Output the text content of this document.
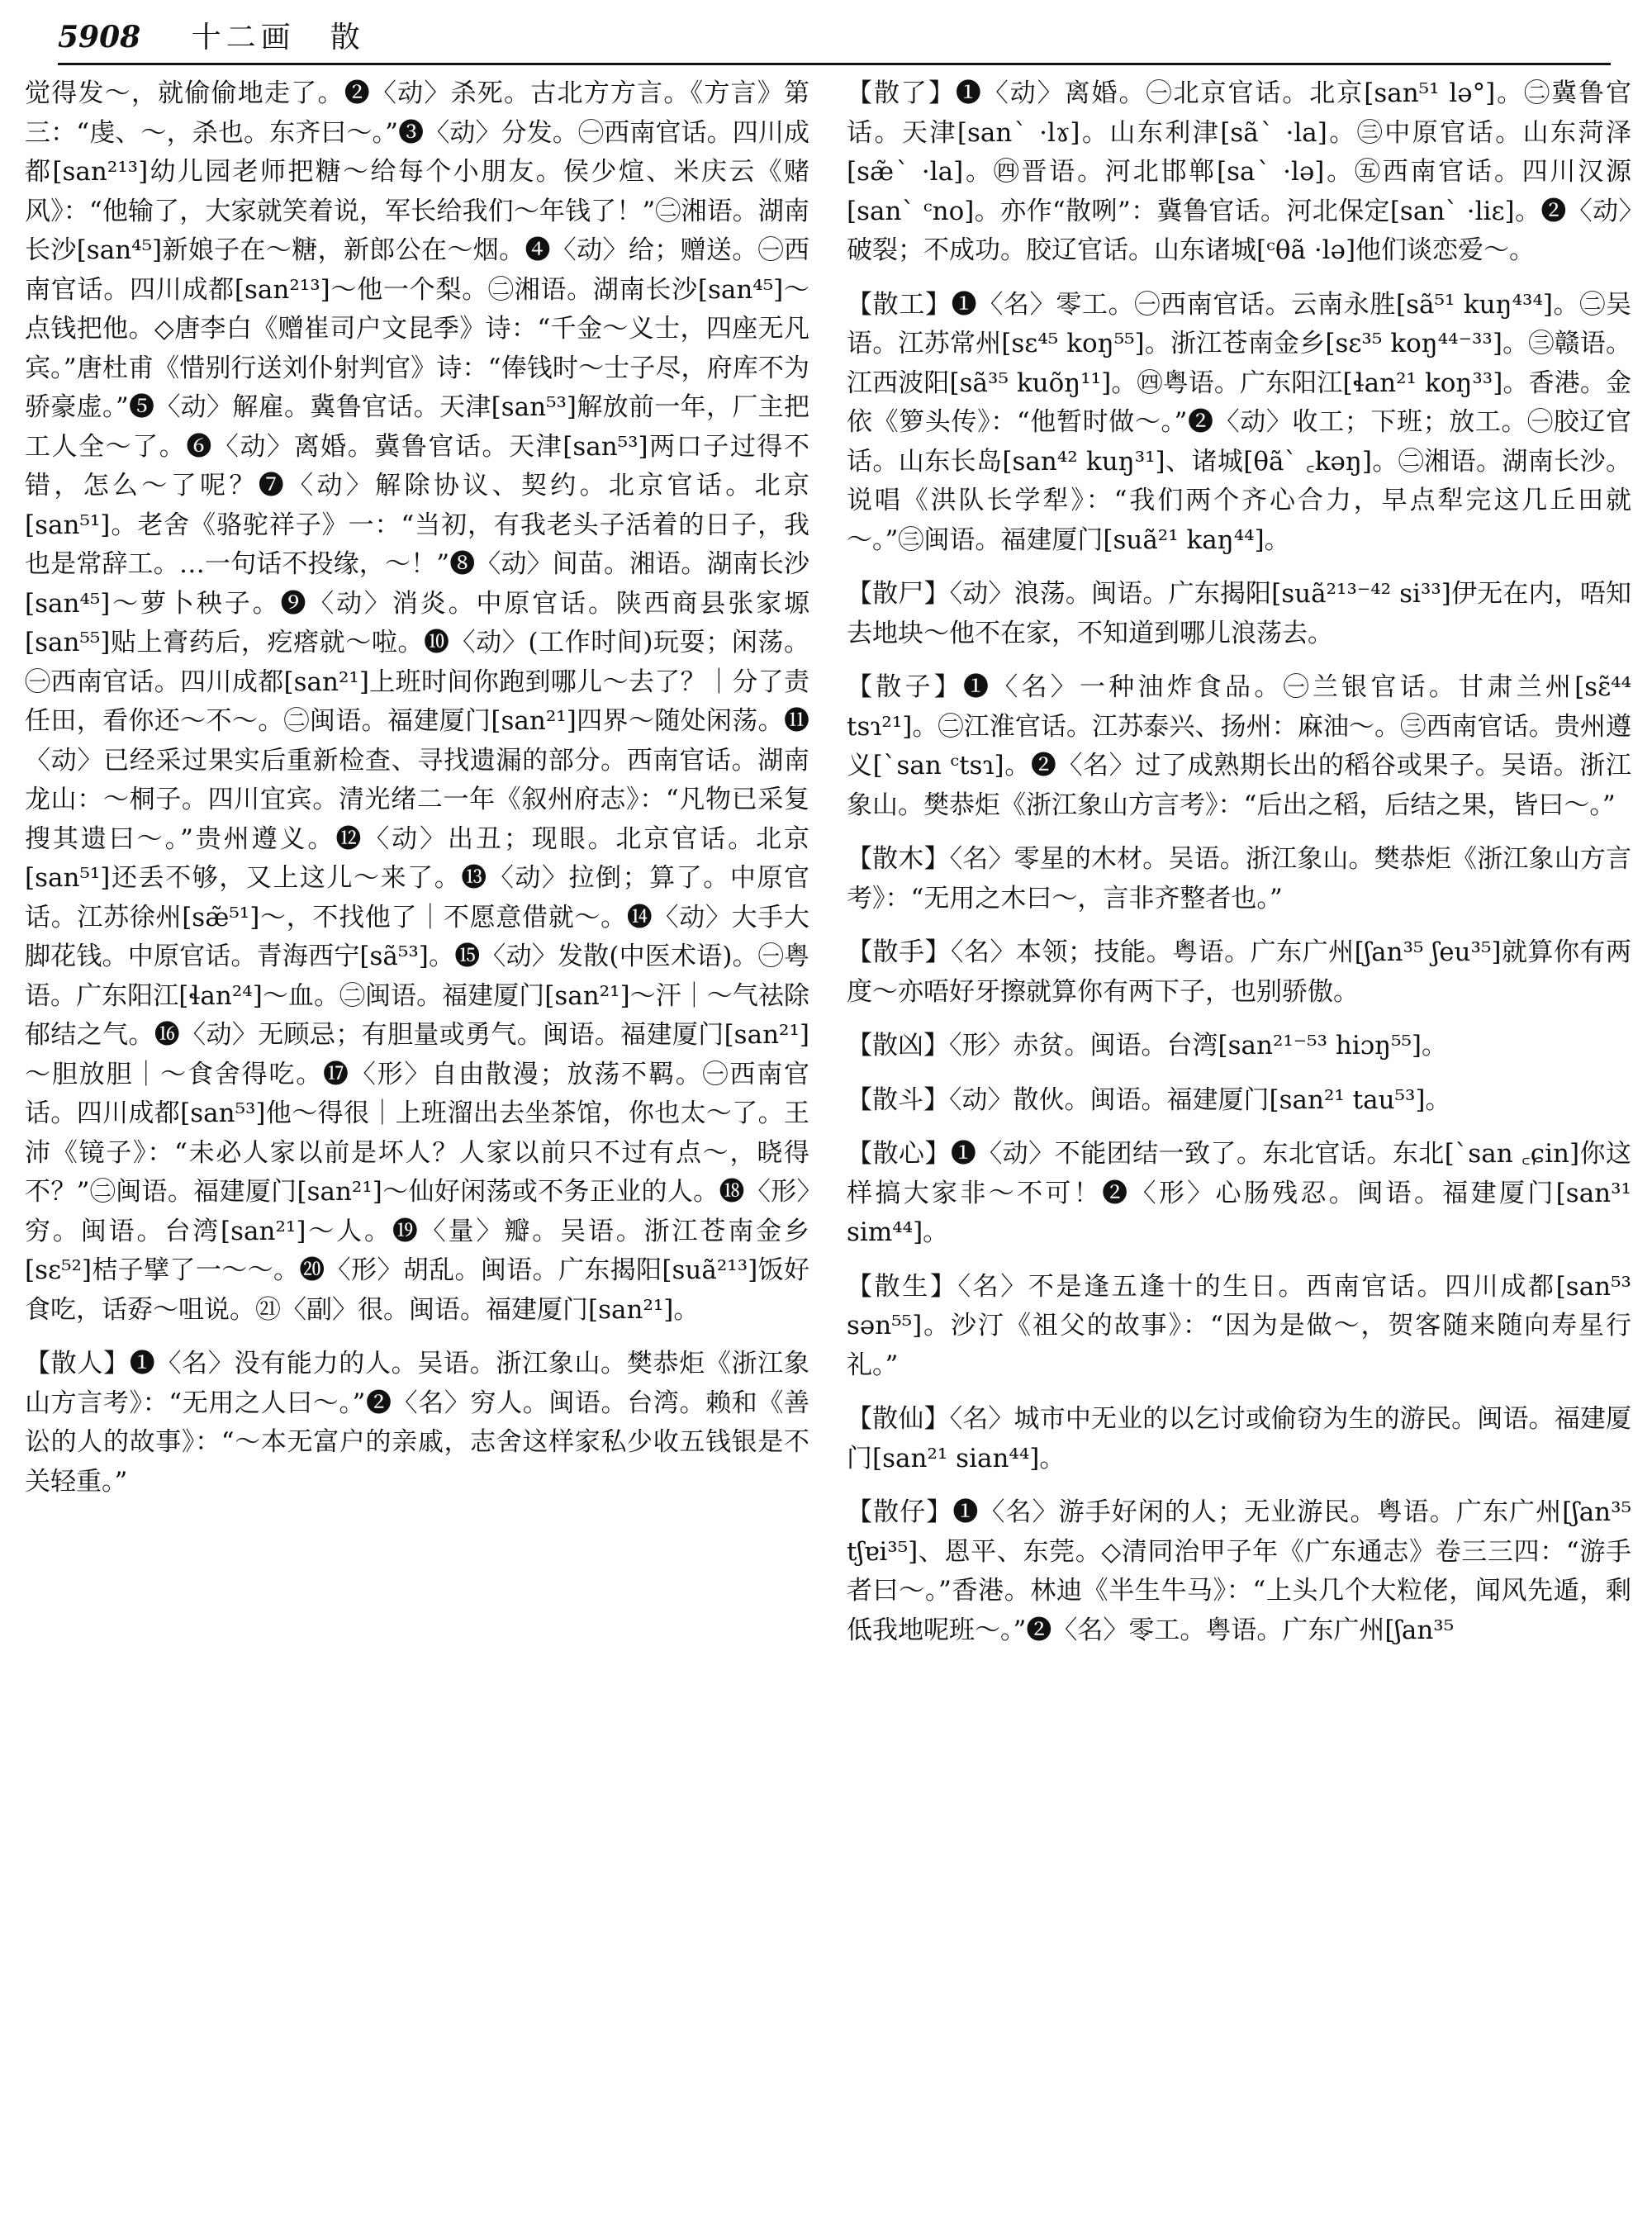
5908 十二画　散

觉得发～，就偷偷地走了。❷〈动〉杀死。古北方方言。《方言》第三：“虔、～，杀也。东齐曰～。”❸〈动〉分发。㊀西南官话。四川成都[san²¹³]幼儿园老师把糖～给每个小朋友。侯少煊、米庆云《赌风》：“他输了，大家就笑着说，军长给我们～年钱了！”㊁湘语。湖南长沙[san⁴⁵]新娘子在～糖，新郎公在～烟。❹〈动〉给；赠送。㊀西南官话。四川成都[san²¹³]～他一个梨。㊁湘语。湖南长沙[san⁴⁵]～点钱把他。◇唐李白《赠崔司户文昆季》诗：“千金～义士，四座无凡宾。”唐杜甫《惜别行送刘仆射判官》诗：“俸钱时～士子尽，府库不为骄豪虚。”❺〈动〉解雇。冀鲁官话。天津[san⁵³]解放前一年，厂主把工人全～了。❻〈动〉离婚。冀鲁官话。天津[san⁵³]两口子过得不错，怎么～了呢？❼〈动〉解除协议、契约。北京官话。北京[san⁵¹]。老舍《骆驼祥子》一：“当初，有我老头子活着的日子，我也是常辞工。…一句话不投缘，～！”❽〈动〉间苗。湘语。湖南长沙[san⁴⁵]～萝卜秧子。❾〈动〉消炎。中原官话。陕西商县张家塬[san⁵⁵]贴上膏药后，疙瘩就～啦。❿〈动〉(工作时间)玩耍；闲荡。㊀西南官话。四川成都[san²¹]上班时间你跑到哪儿～去了？｜分了责任田，看你还～不～。㊁闽语。福建厦门[san²¹]四界～随处闲荡。⓫〈动〉已经采过果实后重新检查、寻找遗漏的部分。西南官话。湖南龙山：～桐子。四川宜宾。清光绪二一年《叙州府志》：“凡物已采复搜其遗曰～。”贵州遵义。⓬〈动〉出丑；现眼。北京官话。北京[san⁵¹]还丢不够，又上这儿～来了。⓭〈动〉拉倒；算了。中原官话。江苏徐州[sæ̃⁵¹]～，不找他了｜不愿意借就～。⓮〈动〉大手大脚花钱。中原官话。青海西宁[sã⁵³]。⓯〈动〉发散(中医术语)。㊀粤语。广东阳江[ɬan²⁴]～血。㊁闽语。福建厦门[san²¹]～汗｜～气祛除郁结之气。⓰〈动〉无顾忌；有胆量或勇气。闽语。福建厦门[san²¹]～胆放胆｜～食舍得吃。⓱〈形〉自由散漫；放荡不羁。㊀西南官话。四川成都[san⁵³]他～得很｜上班溜出去坐茶馆，你也太～了。王沛《镜子》：“未必人家以前是坏人？人家以前只不过有点～，晓得不？”㊁闽语。福建厦门[san²¹]～仙好闲荡或不务正业的人。⓲〈形〉穷。闽语。台湾[san²¹]～人。⓳〈量〉瓣。吴语。浙江苍南金乡[sɛ⁵²]桔子擘了一～～。⓴〈形〉胡乱。闽语。广东揭阳[suã²¹³]饭好食吃，话孬～咀说。㉑〈副〉很。闽语。福建厦门[san²¹]。

【散人】❶〈名〉没有能力的人。吴语。浙江象山。樊恭炬《浙江象山方言考》：“无用之人曰～。”❷〈名〉穷人。闽语。台湾。赖和《善讼的人的故事》：“～本无富户的亲戚，志舍这样家私少收五钱银是不关轻重。”

【散了】❶〈动〉离婚。㊀北京官话。北京[san⁵¹ lə°]。㊁冀鲁官话。天津[sanˋ ·lɤ]。山东利津[sãˋ ·la]。㊂中原官话。山东菏泽[sæ̃ˋ ·la]。㊃晋语。河北邯郸[saˋ ·lə]。㊄西南官话。四川汉源[sanˋ ᶜno]。亦作“散咧”：冀鲁官话。河北保定[sanˋ ·liɛ]。❷〈动〉破裂；不成功。胶辽官话。山东诸城[ᶜθã ·lə]他们谈恋爱～。

【散工】❶〈名〉零工。㊀西南官话。云南永胜[sã⁵¹ kuŋ⁴³⁴]。㊁吴语。江苏常州[sɛ⁴⁵ koŋ⁵⁵]。浙江苍南金乡[sɛ³⁵ koŋ⁴⁴⁻³³]。㊂赣语。江西波阳[sã³⁵ kuõŋ¹¹]。㊃粤语。广东阳江[ɬan²¹ koŋ³³]。香港。金依《箩头传》：“他暂时做～。”❷〈动〉收工；下班；放工。㊀胶辽官话。山东长岛[san⁴² kuŋ³¹]、诸城[θãˋ ꜀kəŋ]。㊁湘语。湖南长沙。说唱《洪队长学犁》：“我们两个齐心合力，早点犁完这几丘田就～。”㊂闽语。福建厦门[suã²¹ kaŋ⁴⁴]。

【散尸】〈动〉浪荡。闽语。广东揭阳[suã²¹³⁻⁴² si³³]伊无在内，唔知去地块～他不在家，不知道到哪儿浪荡去。

【散子】❶〈名〉一种油炸食品。㊀兰银官话。甘肃兰州[sɛ̃⁴⁴ tsɿ²¹]。㊁江淮官话。江苏泰兴、扬州：麻油～。㊂西南官话。贵州遵义[ˋsan ᶜtsɿ]。❷〈名〉过了成熟期长出的稻谷或果子。吴语。浙江象山。樊恭炬《浙江象山方言考》：“后出之稻，后结之果，皆曰～。”

【散木】〈名〉零星的木材。吴语。浙江象山。樊恭炬《浙江象山方言考》：“无用之木曰～，言非齐整者也。”

【散手】〈名〉本领；技能。粤语。广东广州[ʃan³⁵ ʃeu³⁵]就算你有两度～亦唔好牙擦就算你有两下子，也别骄傲。

【散凶】〈形〉赤贫。闽语。台湾[san²¹⁻⁵³ hiɔŋ⁵⁵]。

【散斗】〈动〉散伙。闽语。福建厦门[san²¹ tau⁵³]。

【散心】❶〈动〉不能团结一致了。东北官话。东北[ˋsan ꜀ɕin]你这样搞大家非～不可！❷〈形〉心肠残忍。闽语。福建厦门[san³¹ sim⁴⁴]。

【散生】〈名〉不是逢五逢十的生日。西南官话。四川成都[san⁵³ sən⁵⁵]。沙汀《祖父的故事》：“因为是做～，贺客随来随向寿星行礼。”

【散仙】〈名〉城市中无业的以乞讨或偷窃为生的游民。闽语。福建厦门[san²¹ sian⁴⁴]。

【散仔】❶〈名〉游手好闲的人；无业游民。粤语。广东广州[ʃan³⁵ tʃɐi³⁵]、恩平、东莞。◇清同治甲子年《广东通志》卷三三四：“游手者曰～。”香港。林迪《半生牛马》：“上头几个大粒佬，闻风先遁，剩低我地呢班～。”❷〈名〉零工。粤语。广东广州[ʃan³⁵
